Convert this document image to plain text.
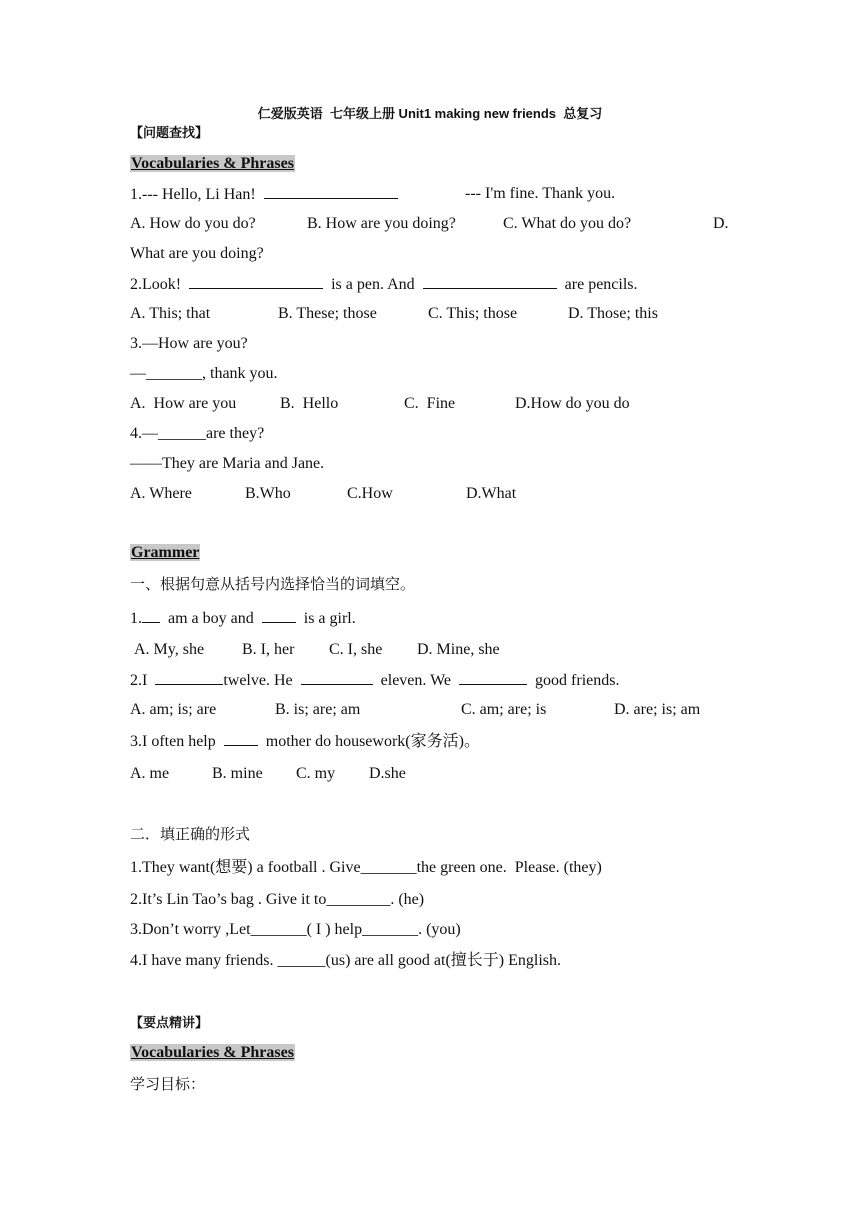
仁爱版英语  七年级上册 Unit1 making new friends  总复习
【问题查找】
Vocabularies & Phrases
1.--- Hello, Li Han!	--- I'm fine. Thank you.
A. How do you do?	B. How are you doing?	C. What do you do?	D.
What are you doing?
2.Look!	is a pen. And	are pencils.
A. This; that	B. These; those	C. This; those	D. Those; this
3.—How are you?
—_______, thank you.
A.  How are you	B.  Hello	C.  Fine	D.How do you do
4.—______are they?
——They are Maria and Jane.
A. Where	B.Who	C.How	D.What
Grammer
一、根据句意从括号内选择恰当的词填空。
1. am a boy and	is a girl.
A. My, she B. I, her C. I, she D. Mine, she
2.I	twelve. He	eleven. We	good friends.
A. am; is; are	B. is; are; am	C. am; are; is	D. are; is; am
3.I often help	mother do housework(家务活)。
A. me	B. mine C. my D.she
二．填正确的形式
1.They want(想要) a football . Give_______the green one.  Please. (they)
2.It’s Lin Tao’s bag . Give it to________. (he)
3.Don’t worry ,Let_______( I ) help_______. (you)
4.I have many friends. ______(us) are all good at(擅长于) English.
【要点精讲】
Vocabularies & Phrases
学习目标：
